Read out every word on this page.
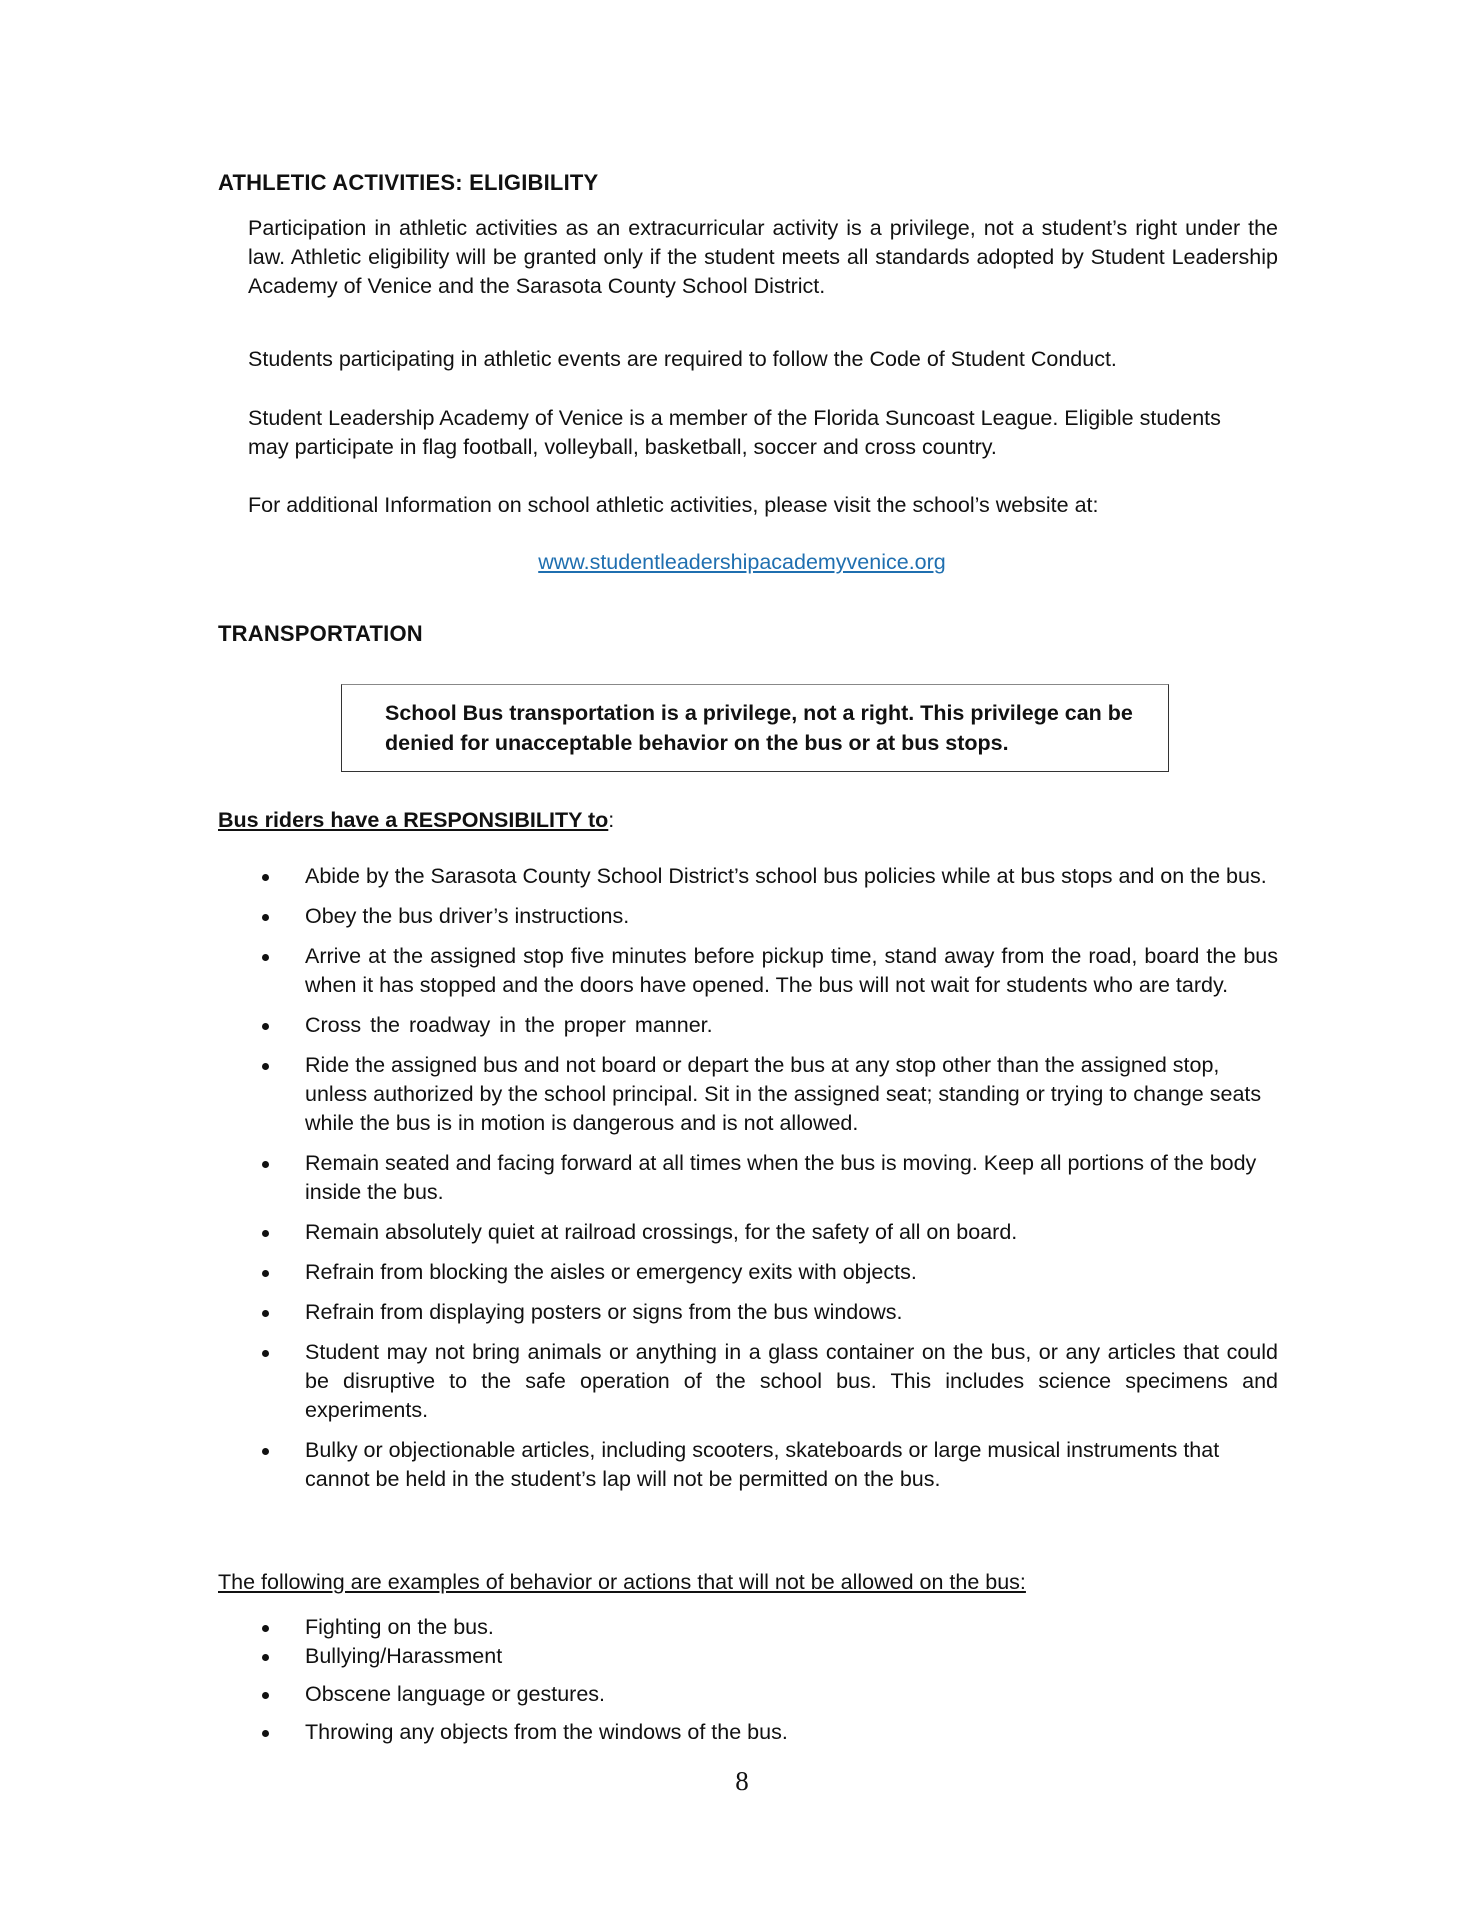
ATHLETIC ACTIVITIES: ELIGIBILITY
Participation in athletic activities as an extracurricular activity is a privilege, not a student’s right under the law. Athletic eligibility will be granted only if the student meets all standards adopted by Student Leadership Academy of Venice and the Sarasota County School District.
Students participating in athletic events are required to follow the Code of Student Conduct.
Student Leadership Academy of Venice is a member of the Florida Suncoast League. Eligible students may participate in flag football, volleyball, basketball, soccer and cross country.
For additional Information on school athletic activities, please visit the school’s website at:
www.studentleadershipacademyvenice.org
TRANSPORTATION
School Bus transportation is a privilege, not a right. This privilege can be denied for unacceptable behavior on the bus or at bus stops.
Bus riders have a RESPONSIBILITY to:
Abide by the Sarasota County School District’s school bus policies while at bus stops and on the bus.
Obey the bus driver’s instructions.
Arrive at the assigned stop five minutes before pickup time, stand away from the road, board the bus when it has stopped and the doors have opened. The bus will not wait for students who are tardy.
Cross the roadway in the proper manner.
Ride the assigned bus and not board or depart the bus at any stop other than the assigned stop, unless authorized by the school principal. Sit in the assigned seat; standing or trying to change seats while the bus is in motion is dangerous and is not allowed.
Remain seated and facing forward at all times when the bus is moving. Keep all portions of the body inside the bus.
Remain absolutely quiet at railroad crossings, for the safety of all on board.
Refrain from blocking the aisles or emergency exits with objects.
Refrain from displaying posters or signs from the bus windows.
Student may not bring animals or anything in a glass container on the bus, or any articles that could be disruptive to the safe operation of the school bus. This includes science specimens and experiments.
Bulky or objectionable articles, including scooters, skateboards or large musical instruments that cannot be held in the student’s lap will not be permitted on the bus.
The following are examples of behavior or actions that will not be allowed on the bus:
Fighting on the bus.
Bullying/Harassment
Obscene language or gestures.
Throwing any objects from the windows of the bus.
8
